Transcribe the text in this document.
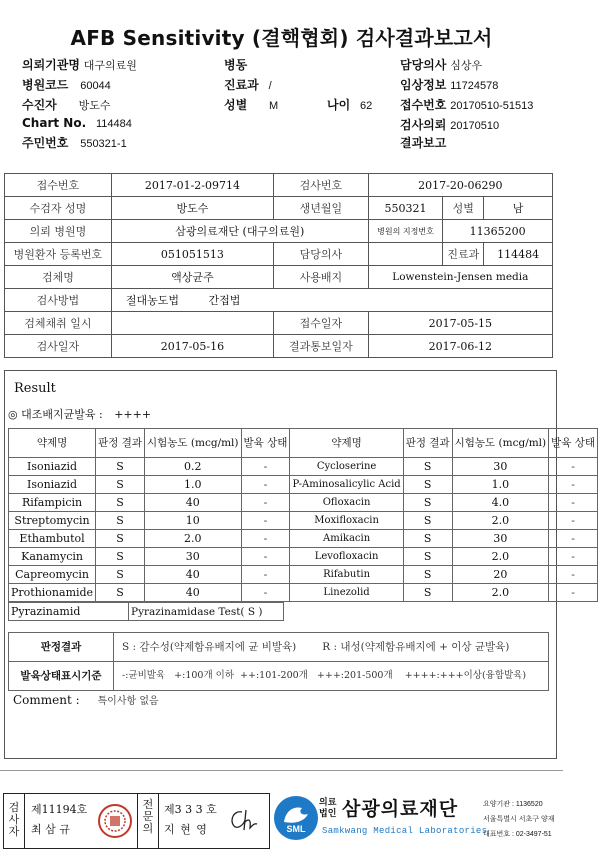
AFB Sensitivity (결핵협회) 검사결과보고서
의뢰기관명 대구의료원	병동	담당의사 심상우
병원코드 60044	진료과 /	임상정보 11724578
수진자 방도수	성별 M	나이 62 접수번호 20170510-51513
Chart No. 114484	검사의뢰 20170510
주민번호 550321-1	결과보고
접수번호	2017-01-2-09714	검사번호	2017-20-06290		
수검자 성명	방도수	생년월일	550321	성별	남
의뢰 병원명	삼광의료재단 (대구의료원)		병원의 지정번호	11365200	
병원환자 등록번호	051051513	담당의사		진료과	114484
검체명	액상균주	사용배지	Lowenstein-Jensen media		
검사방법	절대농도법 간접법				
검체채취 일시		접수일자	2017-05-15		
검사일자	2017-05-16	결과통보일자	2017-06-12		
Result
◎ 대조배지균발육 : ++++
약제명	판정 결과	시험농도 (mcg/ml)	발육 상태	약제명	판정 결과	시험농도 (mcg/ml)	발육 상태
Isoniazid	S	0.2	-	Cycloserine	S	30	-
Isoniazid	S	1.0	-	P-Aminosalicylic Acid	S	1.0	-
Rifampicin	S	40	-	Ofloxacin	S	4.0	-
Streptomycin	S	10	-	Moxifloxacin	S	2.0	-
Ethambutol	S	2.0	-	Amikacin	S	30	-
Kanamycin	S	30	-	Levofloxacin	S	2.0	-
Capreomycin	S	40	-	Rifabutin	S	20	-
Prothionamide	S	40	-	Linezolid	S	2.0	-
Pyrazinamid	Pyrazinamidase Test( S )
판정결과	S : 감수성(약제함유배지에 균 비발육)	R : 내성(약제함유배지에 + 이상 균발육)
발육상태표시기준	-:균비발육   +:100개 이하  ++:101-200개   +++:201-500개    ++++:+++이상(융합발육)
Comment : 특이사항 없음
검사자
제11194호
최 삼 규
전문의
제3 3 3 호
지 현 영	SML
의료 법인 삼광의료재단
Samkwang Medical Laboratories
요양기관 : 1136520
서울특별시 서초구 양재
대표번호 : 02-3497-51
